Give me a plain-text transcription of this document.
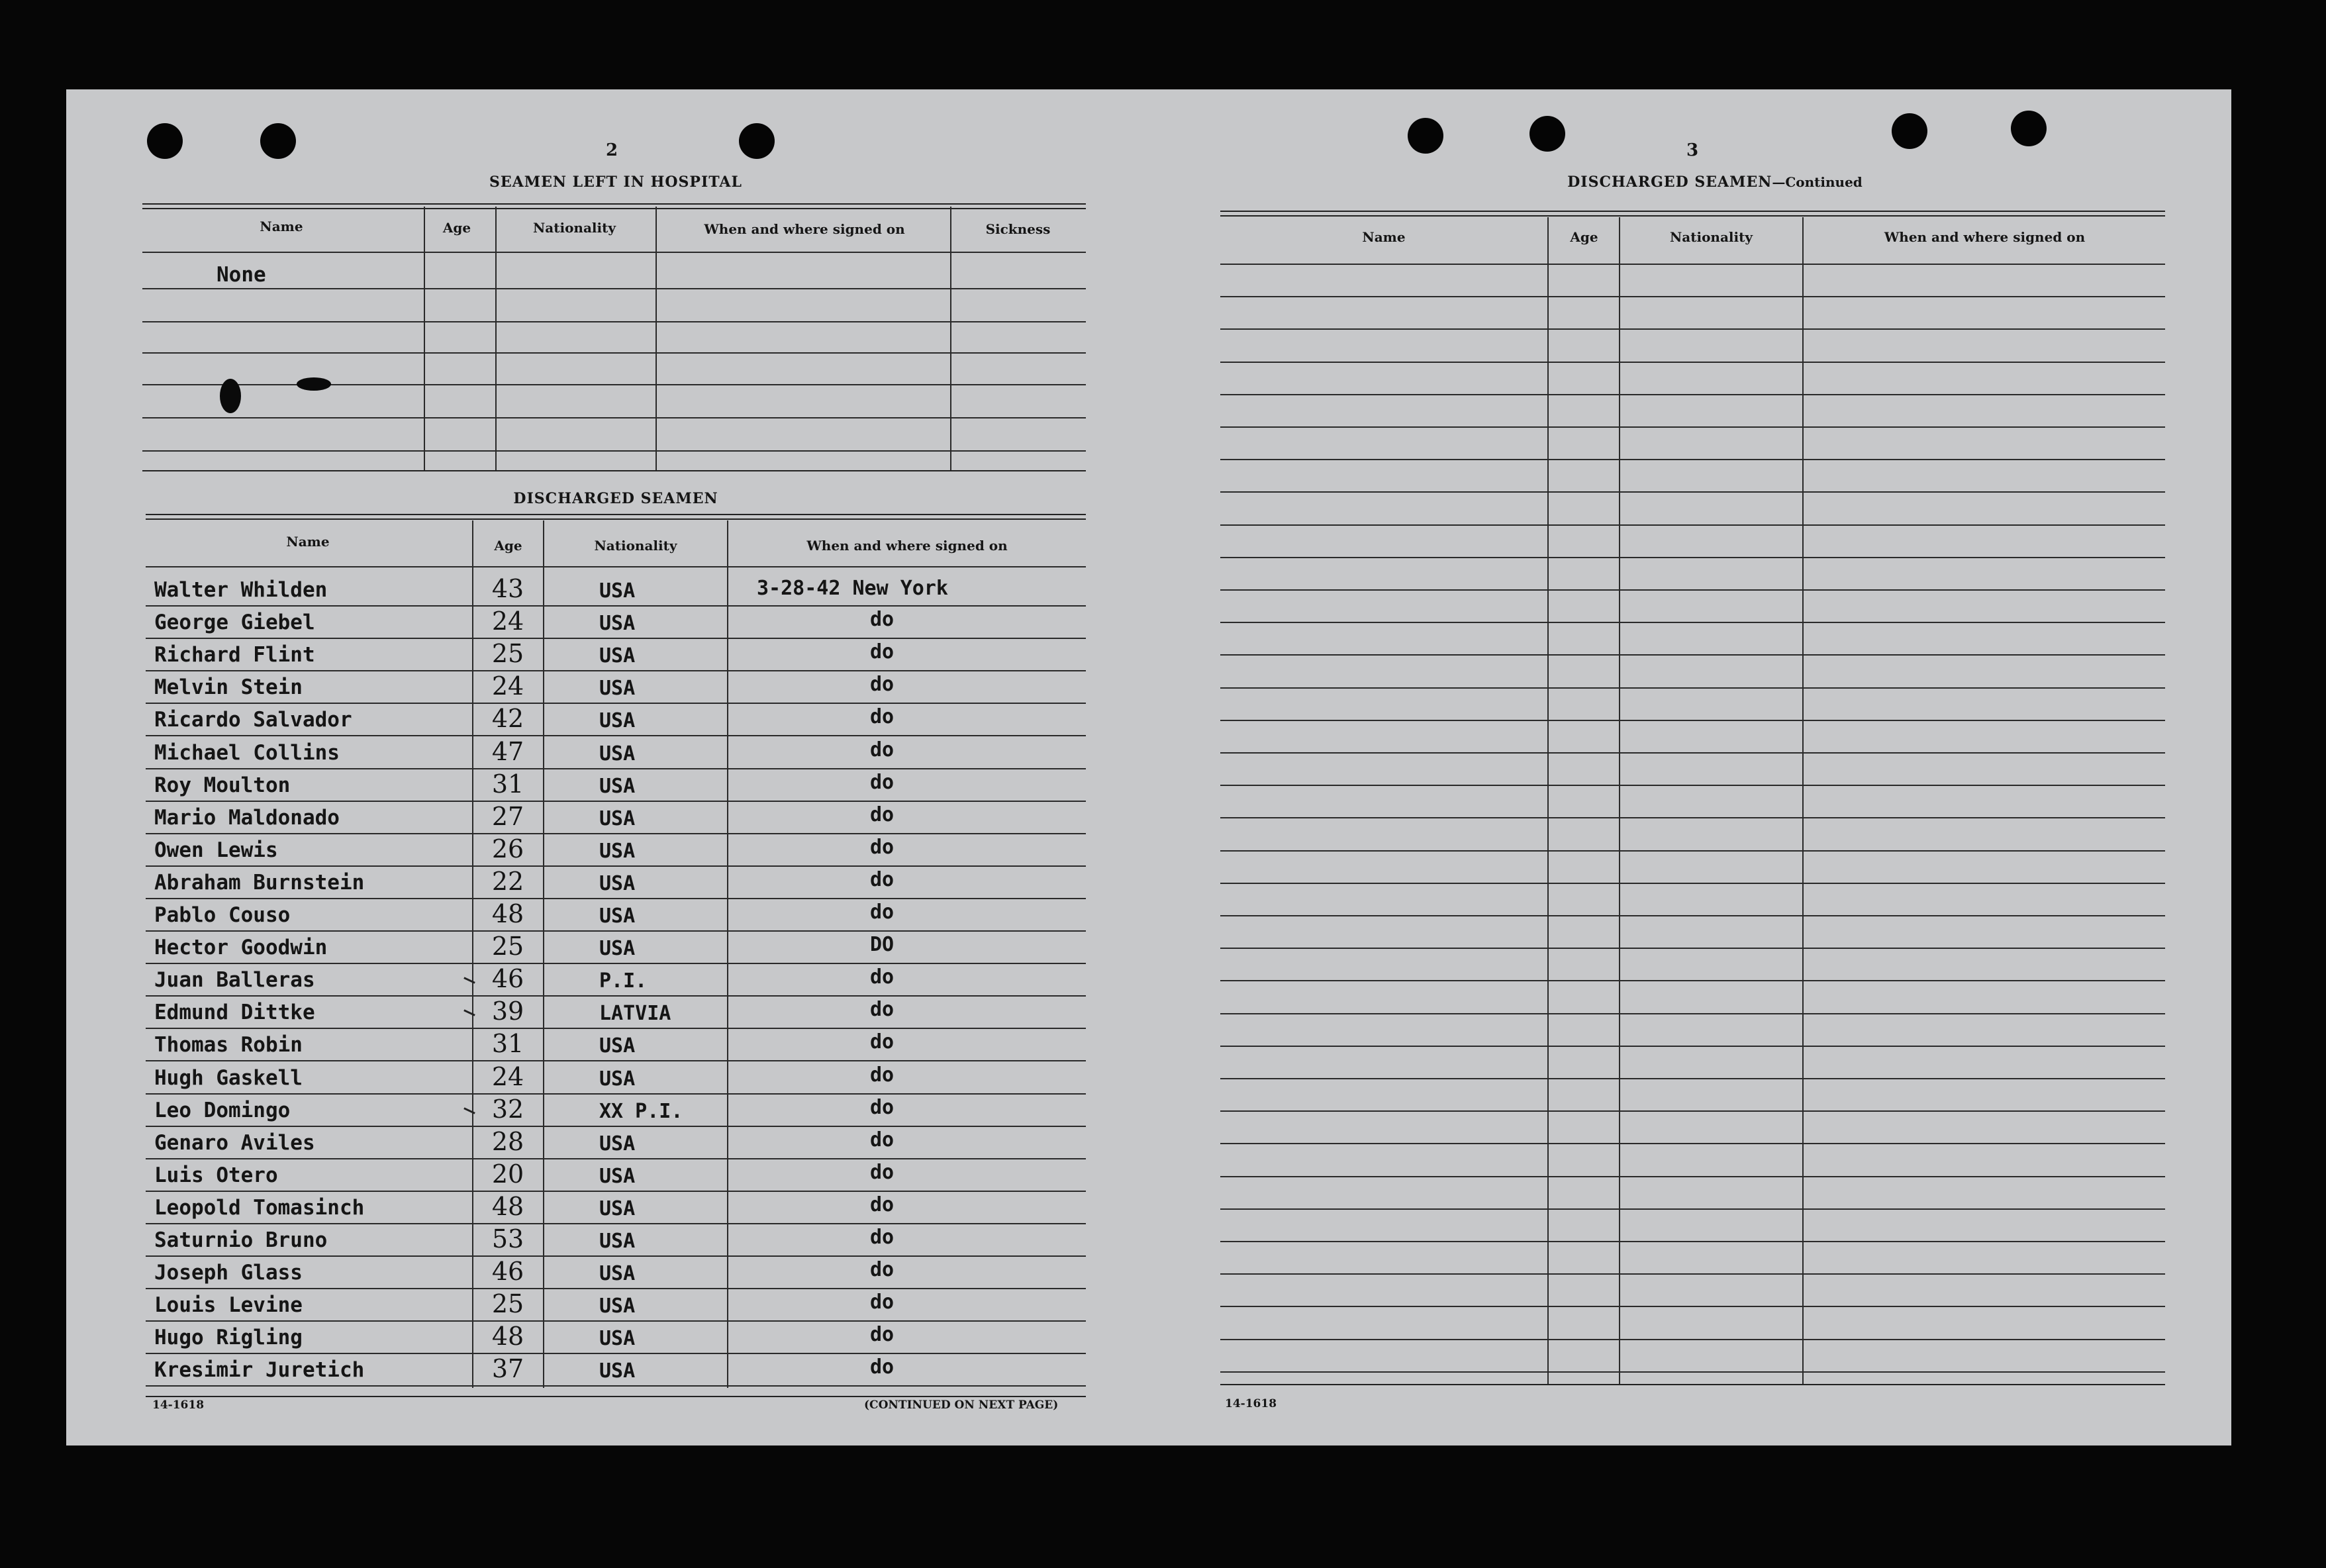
2
SEAMEN LEFT IN HOSPITAL
Name	Age	Nationality	When and where signed on	Sickness
None
DISCHARGED SEAMEN
Name	Age	Nationality	When and where signed on
Walter Whilden	43	USA	3-28-42 New York
George Giebel	24	USA	do
Richard Flint	25	USA	do
Melvin Stein	24	USA	do
Ricardo Salvador	42	USA	do
Michael Collins	47	USA	do
Roy Moulton	31	USA	do
Mario Maldonado	27	USA	do
Owen Lewis	26	USA	do
Abraham Burnstein	22	USA	do
Pablo Couso	48	USA	do
Hector Goodwin	25	USA	DO
Juan Balleras	46	P.I.	do
Edmund Dittke	39	LATVIA	do
Thomas Robin	31	USA	do
Hugh Gaskell	24	USA	do
Leo Domingo	32	XX P.I.	do
Genaro Aviles	28	USA	do
Luis Otero	20	USA	do
Leopold Tomasinch	48	USA	do
Saturnio Bruno	53	USA	do
Joseph Glass	46	USA	do
Louis Levine	25	USA	do
Hugo Rigling	48	USA	do
Kresimir Juretich	37	USA	do
14-1618	(CONTINUED ON NEXT PAGE)
3
DISCHARGED SEAMEN—Continued
Name	Age	Nationality	When and where signed on
14-1618
